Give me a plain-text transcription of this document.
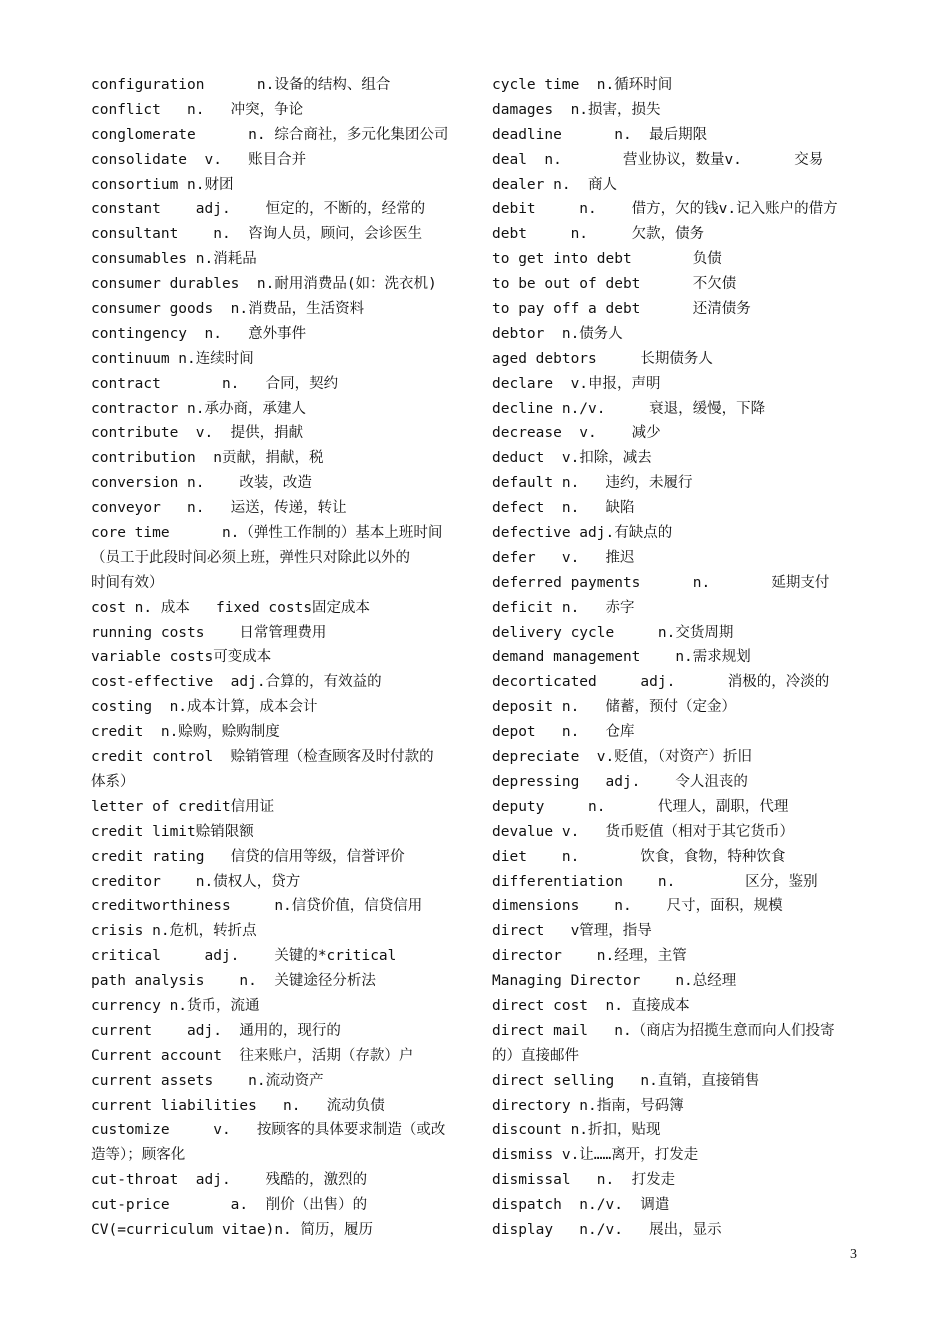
configuration      n.设备的结构、组合
conflict   n.   冲突，争论
conglomerate      n. 综合商社，多元化集团公司
consolidate  v.   账目合并
consortium n.财团
constant    adj.    恒定的，不断的，经常的
consultant    n.  咨询人员，顾问，会诊医生
consumables n.消耗品
consumer durables  n.耐用消费品(如：洗衣机)
consumer goods  n.消费品，生活资料
contingency  n.   意外事件
continuum n.连续时间
contract       n.   合同，契约
contractor n.承办商，承建人
contribute  v.  提供，捐献
contribution  n贡献，捐献，税
conversion n.    改装，改造
conveyor   n.   运送，传递，转让
core time      n.（弹性工作制的）基本上班时间
（员工于此段时间必须上班，弹性只对除此以外的
时间有效）
cost n. 成本   fixed costs固定成本
running costs    日常管理费用
variable costs可变成本
cost-effective  adj.合算的，有效益的
costing  n.成本计算，成本会计
credit  n.赊购，赊购制度
credit control  赊销管理（检查顾客及时付款的
体系）
letter of credit信用证
credit limit赊销限额
credit rating   信贷的信用等级，信誉评价
creditor    n.债权人，贷方
creditworthiness     n.信贷价值，信贷信用
crisis n.危机，转折点
critical     adj.    关键的*critical
path analysis    n.  关键途径分析法
currency n.货币，流通
current    adj.  通用的，现行的
Current account  往来账户，活期（存款）户
current assets    n.流动资产
current liabilities   n.   流动负债
customize     v.   按顾客的具体要求制造（或改
造等）；顾客化
cut-throat  adj.    残酷的，激烈的
cut-price       a.  削价（出售）的
CV(=curriculum vitae)n. 简历，履历
cycle time  n.循环时间
damages  n.损害，损失
deadline      n.  最后期限
deal  n.       营业协议，数量v.      交易
dealer n.  商人
debit     n.    借方，欠的钱v.记入账户的借方
debt     n.     欠款，债务
to get into debt       负债
to be out of debt      不欠债
to pay off a debt      还清债务
debtor  n.债务人
aged debtors     长期债务人
declare  v.申报，声明
decline n./v.     衰退，缓慢，下降
decrease  v.    减少
deduct  v.扣除，减去
default n.   违约，未履行
defect  n.   缺陷
defective adj.有缺点的
defer   v.   推迟
deferred payments      n.       延期支付
deficit n.   赤字
delivery cycle     n.交货周期
demand management    n.需求规划
decorticated     adj.      消极的，冷淡的
deposit n.   储蓄，预付（定金）
depot   n.   仓库
depreciate  v.贬值，（对资产）折旧
depressing   adj.    令人沮丧的
deputy     n.      代理人，副职，代理
devalue v.   货币贬值（相对于其它货币）
diet    n.       饮食，食物，特种饮食
differentiation    n.        区分，鉴别
dimensions    n.    尺寸，面积，规模
direct   v管理，指导
director    n.经理，主管
Managing Director    n.总经理
direct cost  n. 直接成本
direct mail   n.（商店为招揽生意而向人们投寄
的）直接邮件
direct selling   n.直销，直接销售
directory n.指南，号码簿
discount n.折扣，贴现
dismiss v.让……离开，打发走
dismissal   n.  打发走
dispatch  n./v.  调遣
display   n./v.   展出，显示
3
